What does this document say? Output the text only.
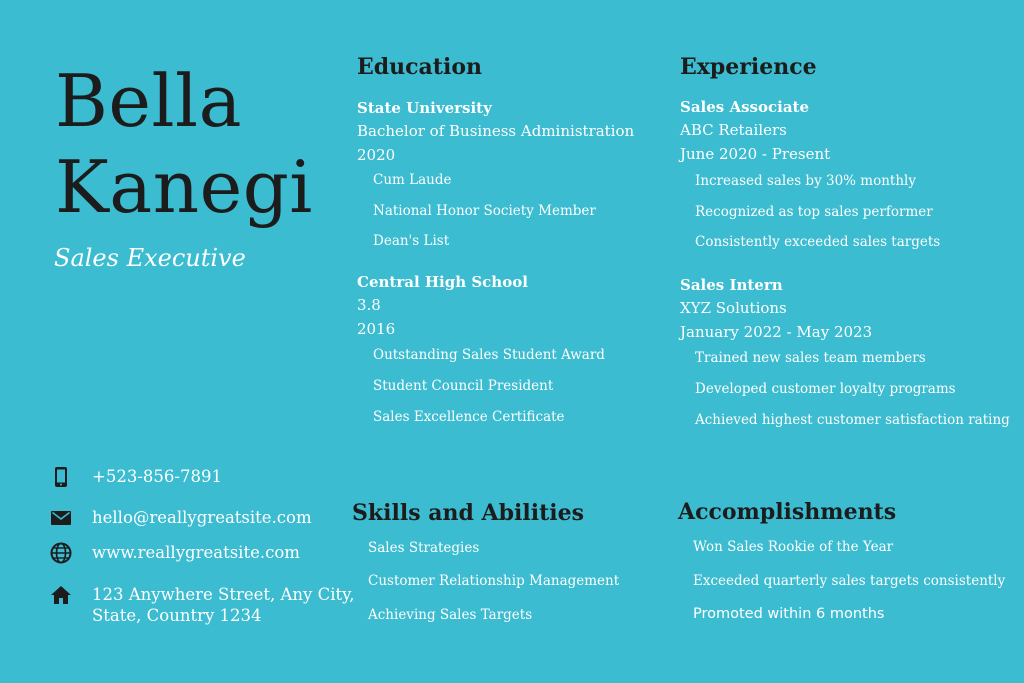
Bella
Kanegi
Sales Executive
Education
State University
Bachelor of Business Administration
2020
Cum Laude
National Honor Society Member
Dean's List
Central High School
3.8
2016
Outstanding Sales Student Award
Student Council President
Sales Excellence Certificate
Experience
Sales Associate
ABC Retailers
June 2020 - Present
Increased sales by 30% monthly
Recognized as top sales performer
Consistently exceeded sales targets
Sales Intern
XYZ Solutions
January 2022 - May 2023
Trained new sales team members
Developed customer loyalty programs
Achieved highest customer satisfaction rating
+523-856-7891
hello@reallygreatsite.com
www.reallygreatsite.com
123 Anywhere Street, Any City,
State, Country 1234
Skills and Abilities
Sales Strategies
Customer Relationship Management
Achieving Sales Targets
Accomplishments
Won Sales Rookie of the Year
Exceeded quarterly sales targets consistently
Promoted within 6 months
